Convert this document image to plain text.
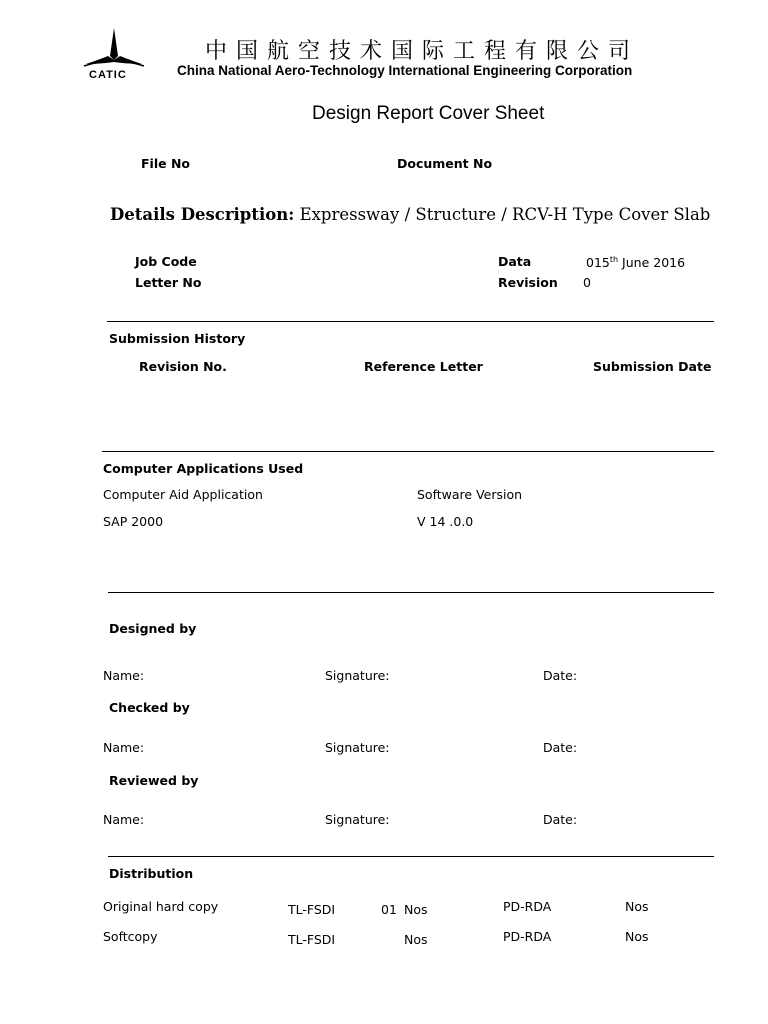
CATIC
中国航空技术国际工程有限公司
China National Aero-Technology International Engineering Corporation
Design Report Cover Sheet
File No	Document No
Details Description: Expressway / Structure / RCV-H Type Cover Slab
Job Code
Letter No
Data	015th June 2016
Revision 0
Submission History
Revision No.	Reference Letter	Submission Date
Computer Applications Used
Computer Aid Application	Software Version
SAP 2000	V 14 .0.0
Designed by
Name:	Signature:	Date:
Checked by
Name:	Signature:	Date:
Reviewed by
Name:	Signature:	Date:
Distribution
Original hard copy	TL-FSDI	01 Nos	PD-RDA	Nos
Softcopy	TL-FSDI	Nos	PD-RDA	Nos
